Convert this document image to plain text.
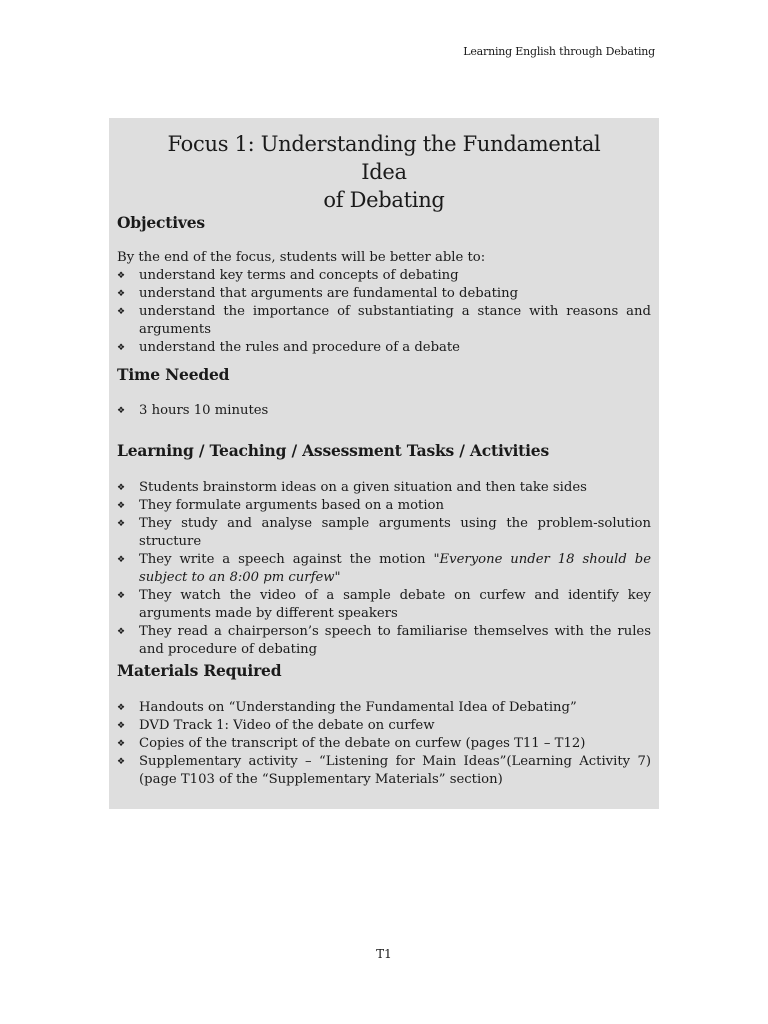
Learning English through Debating
Focus 1: Understanding the Fundamental Idea
of Debating
Objectives

By the end of the focus, students will be better able to:

❖	understand key terms and concepts of debating
❖	understand that arguments are fundamental to debating
❖	understand the importance of substantiating a stance with reasons and arguments
❖	understand the rules and procedure of a debate
Time Needed
❖	3 hours 10 minutes
Learning / Teaching / Assessment Tasks / Activities
❖	Students brainstorm ideas on a given situation and then take sides
❖	They formulate arguments based on a motion
❖	They study and analyse sample arguments using the problem-solution structure
❖	They write a speech against the motion "Everyone under 18 should be subject to an 8:00 pm curfew"
❖	They watch the video of a sample debate on curfew and identify key arguments made by different speakers
❖	They read a chairperson’s speech to familiarise themselves with the rules and procedure of debating
Materials Required
❖	Handouts on “Understanding the Fundamental Idea of Debating”
❖	DVD Track 1: Video of the debate on curfew
❖	Copies of the transcript of the debate on curfew (pages T11 – T12)
❖	Supplementary activity – “Listening for Main Ideas”(Learning Activity 7) (page T103 of the “Supplementary Materials” section)
T1
